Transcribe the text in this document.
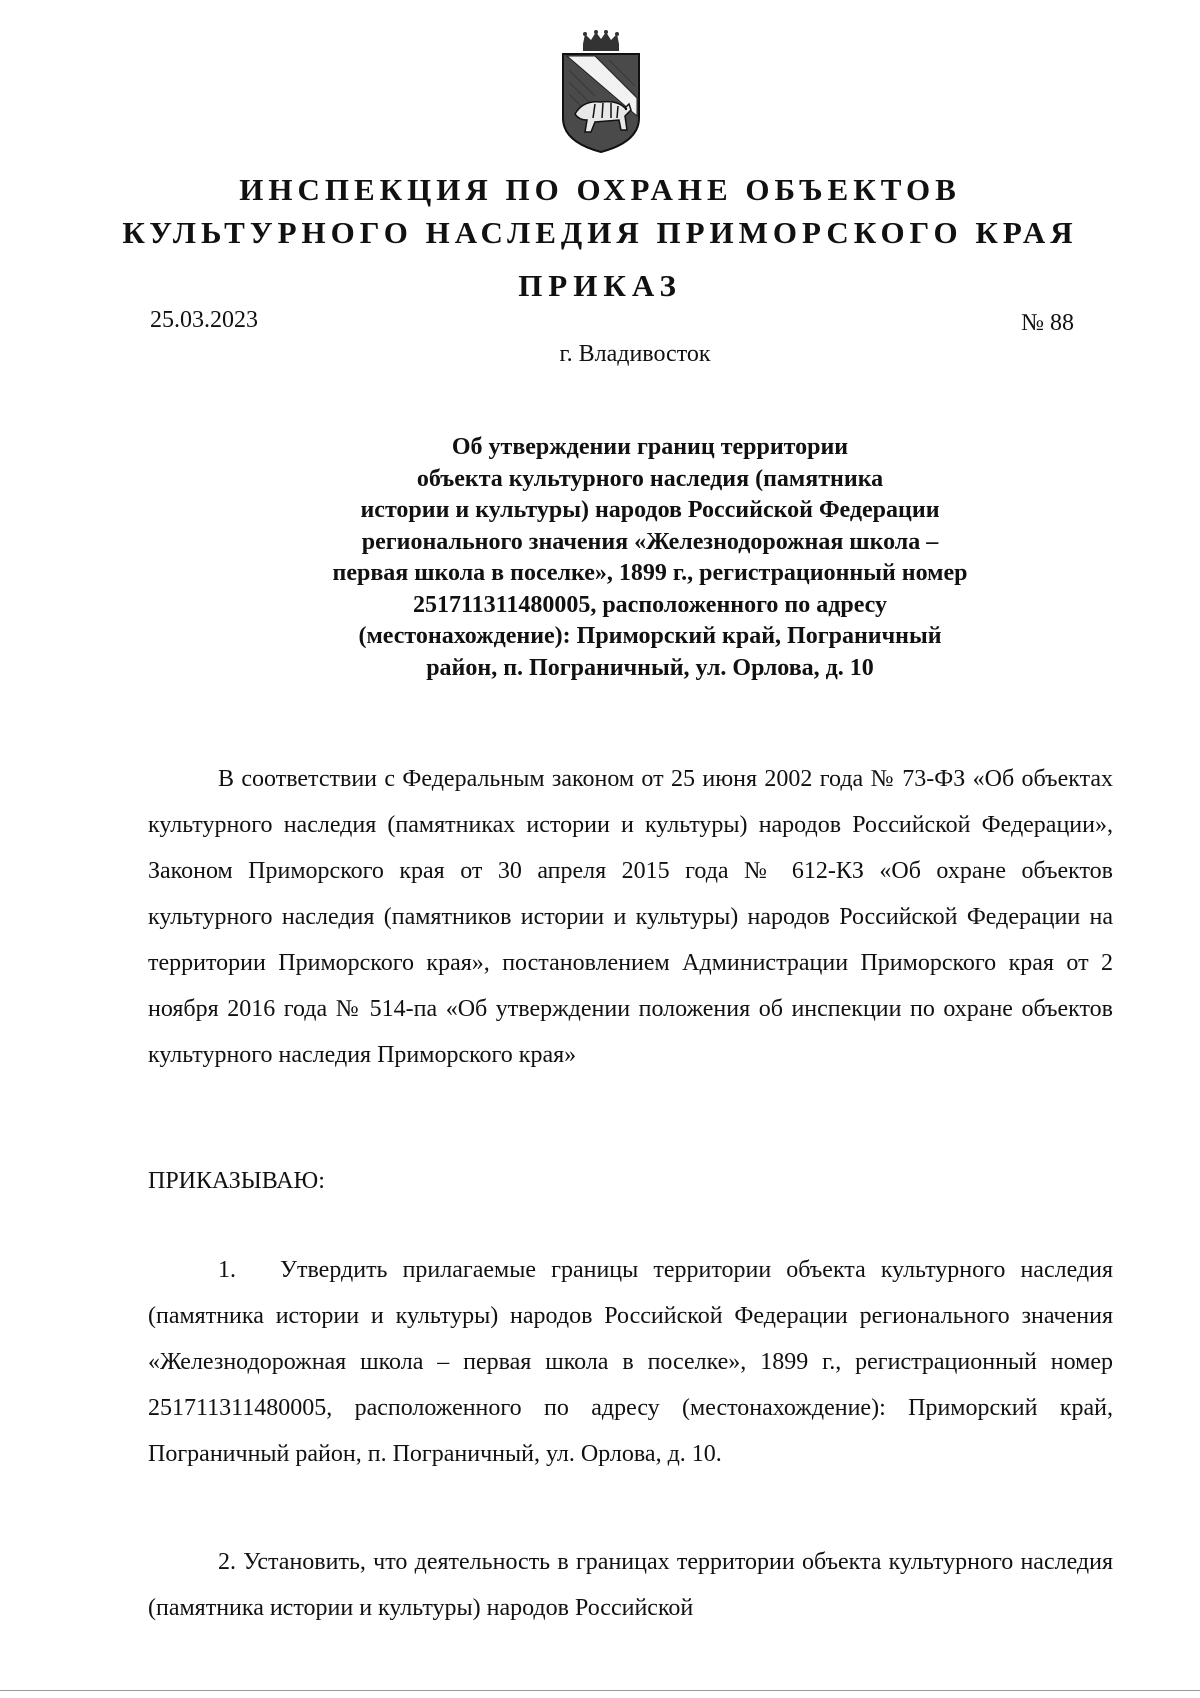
ИНСПЕКЦИЯ ПО ОХРАНЕ ОБЪЕКТОВ
КУЛЬТУРНОГО НАСЛЕДИЯ ПРИМОРСКОГО КРАЯ
ПРИКАЗ
25.03.2023	№ 88
г. Владивосток
Об утверждении границ территории
объекта культурного наследия (памятника
истории и культуры) народов Российской Федерации
регионального значения «Железнодорожная школа –
первая школа в поселке», 1899 г., регистрационный номер
251711311480005, расположенного по адресу
(местонахождение): Приморский край, Пограничный
район, п. Пограничный, ул. Орлова, д. 10
В соответствии с Федеральным законом от 25 июня 2002 года № 73-ФЗ «Об объектах культурного наследия (памятниках истории и культуры) народов Российской Федерации», Законом Приморского края от 30 апреля 2015 года № 612-КЗ «Об охране объектов культурного наследия (памятников истории и культуры) народов Российской Федерации на территории Приморского края», постановлением Администрации Приморского края от 2 ноября 2016 года № 514-па «Об утверждении положения об инспекции по охране объектов культурного наследия Приморского края»
ПРИКАЗЫВАЮ:
1. Утвердить прилагаемые границы территории объекта культурного наследия (памятника истории и культуры) народов Российской Федерации регионального значения «Железнодорожная школа – первая школа в поселке», 1899 г., регистрационный номер 251711311480005, расположенного по адресу (местонахождение): Приморский край, Пограничный район, п. Пограничный, ул. Орлова, д. 10.
2. Установить, что деятельность в границах территории объекта культурного наследия (памятника истории и культуры) народов Российской
